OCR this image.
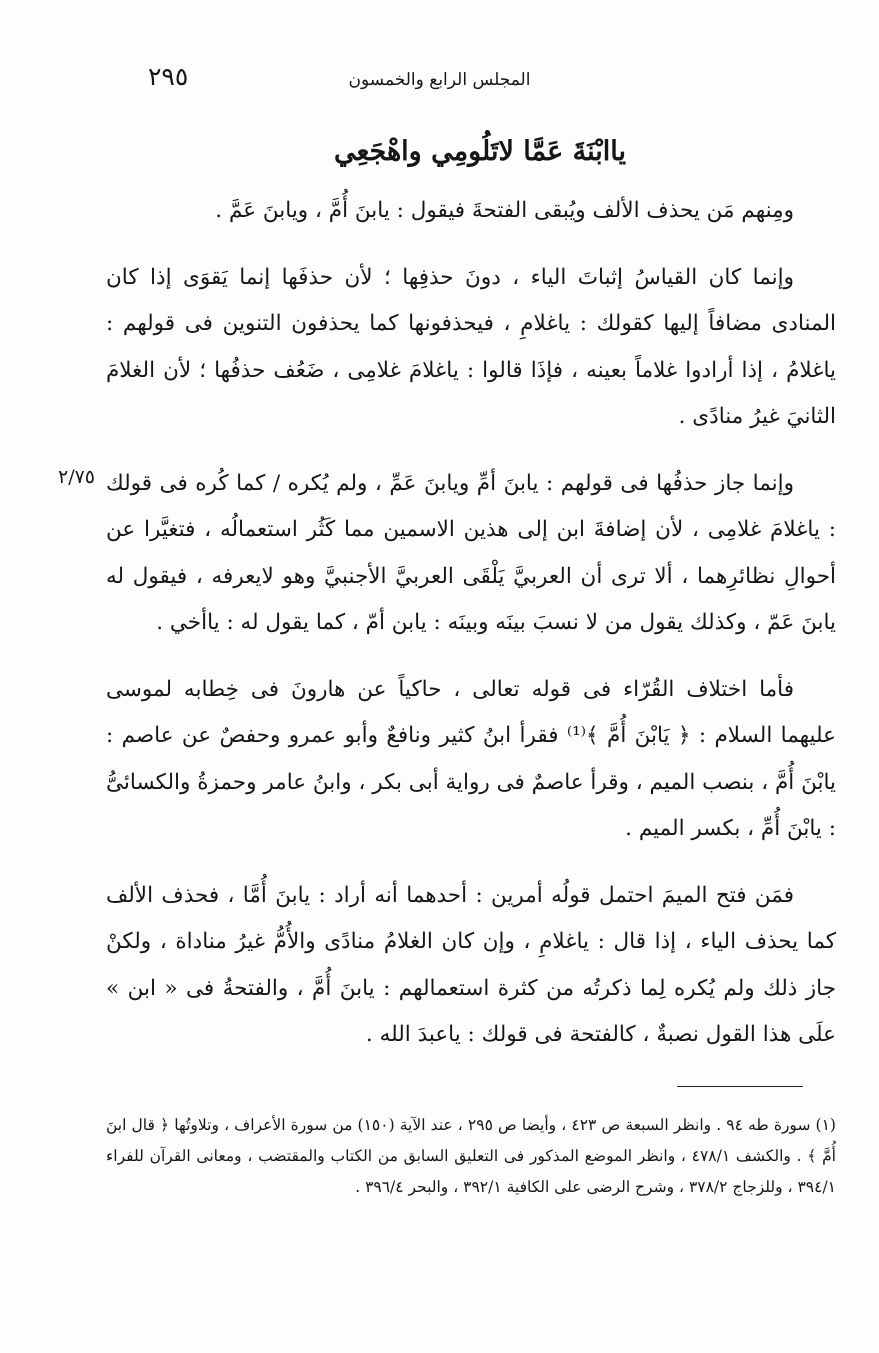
٢٩٥	المجلس الرابع والخمسون
ياابْنَةَ عَمَّا لاتَلُومِي واهْجَعِي
٢/٧٥

ومِنهم مَن يحذف الألف ويُبقى الفتحةَ فيقول : يابنَ أُمَّ ، ويابنَ عَمَّ .

وإنما كان القياسُ إثباتَ الياء ، دونَ حذفِها ؛ لأن حذفَها إنما يَقوَى إذا كان المنادى مضافاً إليها كقولك : ياغلامِ ، فيحذفونها كما يحذفون التنوين فى قولهم : ياغلامُ ، إذا أرادوا غلاماً بعينه ، فإذَا قالوا : ياغلامَ غلامِى ، ضَعُف حذفُها ؛ لأن الغلامَ الثانيَ غيرُ منادًى .

وإنما جاز حذفُها فى قولهم : يابنَ أمِّ ويابنَ عَمِّ ، ولم يُكره / كما كُره فى قولك : ياغلامَ غلامِى ، لأن إضافةَ ابن إلى هذين الاسمين مما كَثُر استعمالُه ، فتغيَّرا عن أحوالِ نظائرِهما ، ألا ترى أن العربيَّ يَلْقَى العربيَّ الأجنبيَّ وهو لايعرفه ، فيقول له يابنَ عَمّ ، وكذلك يقول من لا نسبَ بينَه وبينَه : يابن أمّ ، كما يقول له : ياأخي .

فأما اختلاف القُرّاء فى قوله تعالى ، حاكياً عن هارونَ فى خِطابه لموسى عليهما السلام : ﴿ يَابْنَ أُمَّ ﴾⁽¹⁾ فقرأ ابنُ كثير ونافعٌ وأبو عمرو وحفصٌ عن عاصم : يابْنَ أُمَّ ، بنصب الميم ، وقرأ عاصمٌ فى رواية أبى بكر ، وابنُ عامر وحمزةُ والكسائىُّ : يابْنَ أُمِّ ، بكسر الميم .

فمَن فتح الميمَ احتمل قولُه أمرين : أحدهما أنه أراد : يابنَ أُمَّا ، فحذف الألف كما يحذف الياء ، إذا قال : ياغلامِ ، وإن كان الغلامُ منادًى والأُمُّ غيرُ مناداة ، ولكنْ جاز ذلك ولم يُكره لِما ذكرتُه من كثرة استعمالهم : يابنَ أُمَّ ، والفتحةُ فى « ابن » علَى هذا القول نصبةٌ ، كالفتحة فى قولك : ياعبدَ الله .

(١) سورة طه ٩٤ . وانظر السبعة ص ٤٢٣ ، وأيضا ص ٢٩٥ ، عند الآية (١٥٠) من سورة الأعراف ، وتلاوتُها ﴿ قال ابنَ أُمَّ ﴾ . والكشف ٤٧٨/١ ، وانظر الموضع المذكور فى التعليق السابق من الكتاب والمقتضب ، ومعانى القرآن للفراء ٣٩٤/١ ، وللزجاج ٣٧٨/٢ ، وشرح الرضى على الكافية ٣٩٢/١ ، والبحر ٣٩٦/٤ .
